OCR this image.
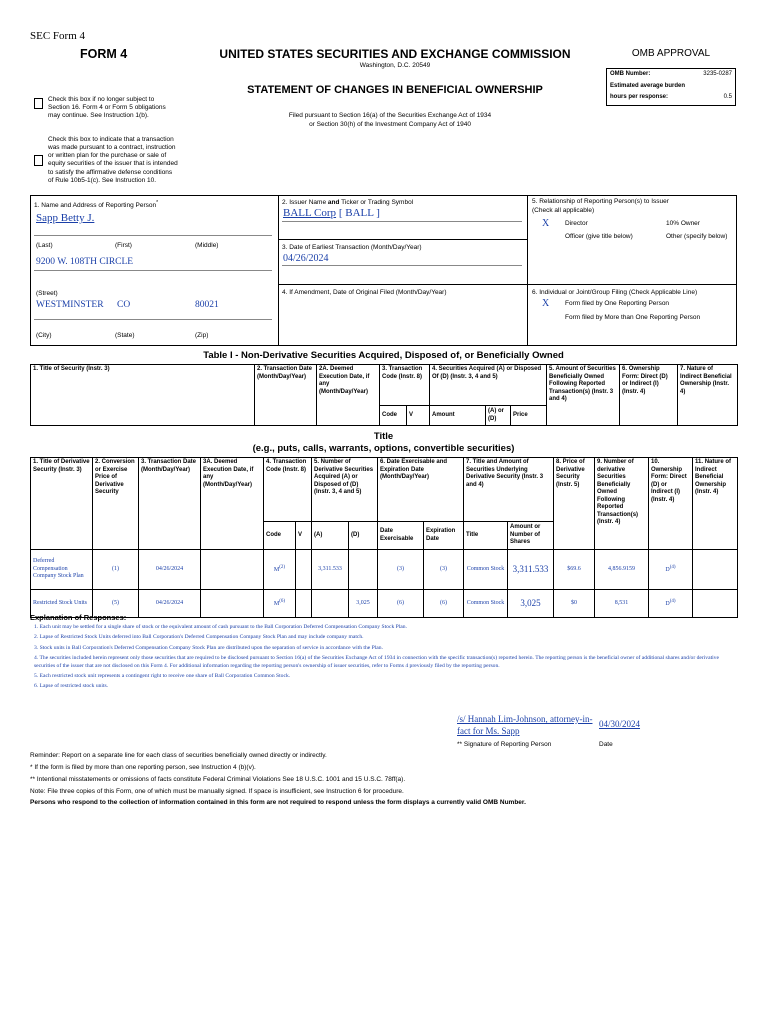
SEC Form 4
FORM 4	UNITED STATES SECURITIES AND EXCHANGE COMMISSION
Washington, D.C. 20549
STATEMENT OF CHANGES IN BENEFICIAL OWNERSHIP
Filed pursuant to Section 16(a) of the Securities Exchange Act of 1934
or Section 30(h) of the Investment Company Act of 1940
OMB APPROVAL
OMB Number:	3235-0287
Estimated average burden
hours per response:	0.5
Check this box if no longer subject to Section 16. Form 4 or Form 5 obligations may continue. See Instruction 1(b).
Check this box to indicate that a transaction was made pursuant to a contract, instruction or written plan for the purchase or sale of equity securities of the issuer that is intended to satisfy the affirmative defense conditions of Rule 10b5-1(c). See Instruction 10.
1. Name and Address of Reporting Person*
Sapp Betty J.
(Last)	(First)	(Middle)
9200 W. 108TH CIRCLE
(Street)
WESTMINSTER CO	80021
(City)	(State)	(Zip)
2. Issuer Name and Ticker or Trading Symbol
BALL Corp [ BALL ]
3. Date of Earliest Transaction (Month/Day/Year)
04/26/2024
4. If Amendment, Date of Original Filed (Month/Day/Year)
5. Relationship of Reporting Person(s) to Issuer
(Check all applicable)
X Director	10% Owner
Officer (give title below)	Other (specify below)
6. Individual or Joint/Group Filing (Check Applicable Line)
X Form filed by One Reporting Person
Form filed by More than One Reporting Person
Table I - Non-Derivative Securities Acquired, Disposed of, or Beneficially Owned
1. Title of Security (Instr. 3)	2. Transaction Date (Month/Day/Year)	2A. Deemed Execution Date, if any (Month/Day/Year)	3. Transaction Code (Instr. 8)		4. Securities Acquired (A) or Disposed Of (D) (Instr. 3, 4 and 5)			5. Amount of Securities Beneficially Owned Following Reported Transaction(s) (Instr. 3 and 4)	6. Ownership Form: Direct (D) or Indirect (I) (Instr. 4)	7. Nature of Indirect Beneficial Ownership (Instr. 4)
			Code	V	Amount	(A) or (D)	Price			
Title
(e.g., puts, calls, warrants, options, convertible securities)
1. Title of Derivative Security (Instr. 3)	2. Conversion or Exercise Price of Derivative Security	3. Transaction Date (Month/Day/Year)	3A. Deemed Execution Date, if any (Month/Day/Year)	4. Transaction Code (Instr. 8)		5. Number of Derivative Securities Acquired (A) or Disposed of (D) (Instr. 3, 4 and 5)		6. Date Exercisable and Expiration Date (Month/Day/Year)		7. Title and Amount of Securities Underlying Derivative Security (Instr. 3 and 4)		8. Price of Derivative Security (Instr. 5)	9. Number of derivative Securities Beneficially Owned Following Reported Transaction(s) (Instr. 4)	10. Ownership Form: Direct (D) or Indirect (I) (Instr. 4)	11. Nature of Indirect Beneficial Ownership (Instr. 4)
				Code	V	(A)	(D)	Date Exercisable	Expiration Date	Title	Amount or Number of Shares				
Deferred Compensation Company Stock Plan	(1)	04/26/2024		$M^{(2)}$		3,311.533		(3)	(3)	Common Stock	3,311.533	$69.6	4,856.9159	$D^{(4)}$	
Restricted Stock Units	(5)	04/26/2024		$M^{(6)}$			3,025	(6)	(6)	Common Stock	3,025	$0	8,531	$D^{(4)}$	
Explanation of Responses:
1. Each unit may be settled for a single share of stock or the equivalent amount of cash pursuant to the Ball Corporation Deferred Compensation Company Stock Plan.
2. Lapse of Restricted Stock Units deferred into Ball Corporation's Deferred Compensation Company Stock Plan and may include company match.
3. Stock units in Ball Corporation's Deferred Compensation Company Stock Plan are distributed upon the separation of service in accordance with the Plan.
4. The securities included herein represent only those securities that are required to be disclosed pursuant to Section 16(a) of the Securities Exchange Act of 1934 in connection with the specific transaction(s) reported herein. The reporting person is the beneficial owner of additional shares and/or derivative securities of the issuer that are not disclosed on this Form 4. For additional information regarding the reporting person's ownership of issuer securities, refer to Forms 4 previously filed by the reporting person.
5. Each restricted stock unit represents a contingent right to receive one share of Ball Corporation Common Stock.
6. Lapse of restricted stock units.
/s/ Hannah Lim-Johnson, attorney-in-fact for Ms. Sapp
04/30/2024
** Signature of Reporting Person	Date
Reminder: Report on a separate line for each class of securities beneficially owned directly or indirectly.
* If the form is filed by more than one reporting person, see Instruction 4 (b)(v).
** Intentional misstatements or omissions of facts constitute Federal Criminal Violations See 18 U.S.C. 1001 and 15 U.S.C. 78ff(a).
Note: File three copies of this Form, one of which must be manually signed. If space is insufficient, see Instruction 6 for procedure.
Persons who respond to the collection of information contained in this form are not required to respond unless the form displays a currently valid OMB Number.
